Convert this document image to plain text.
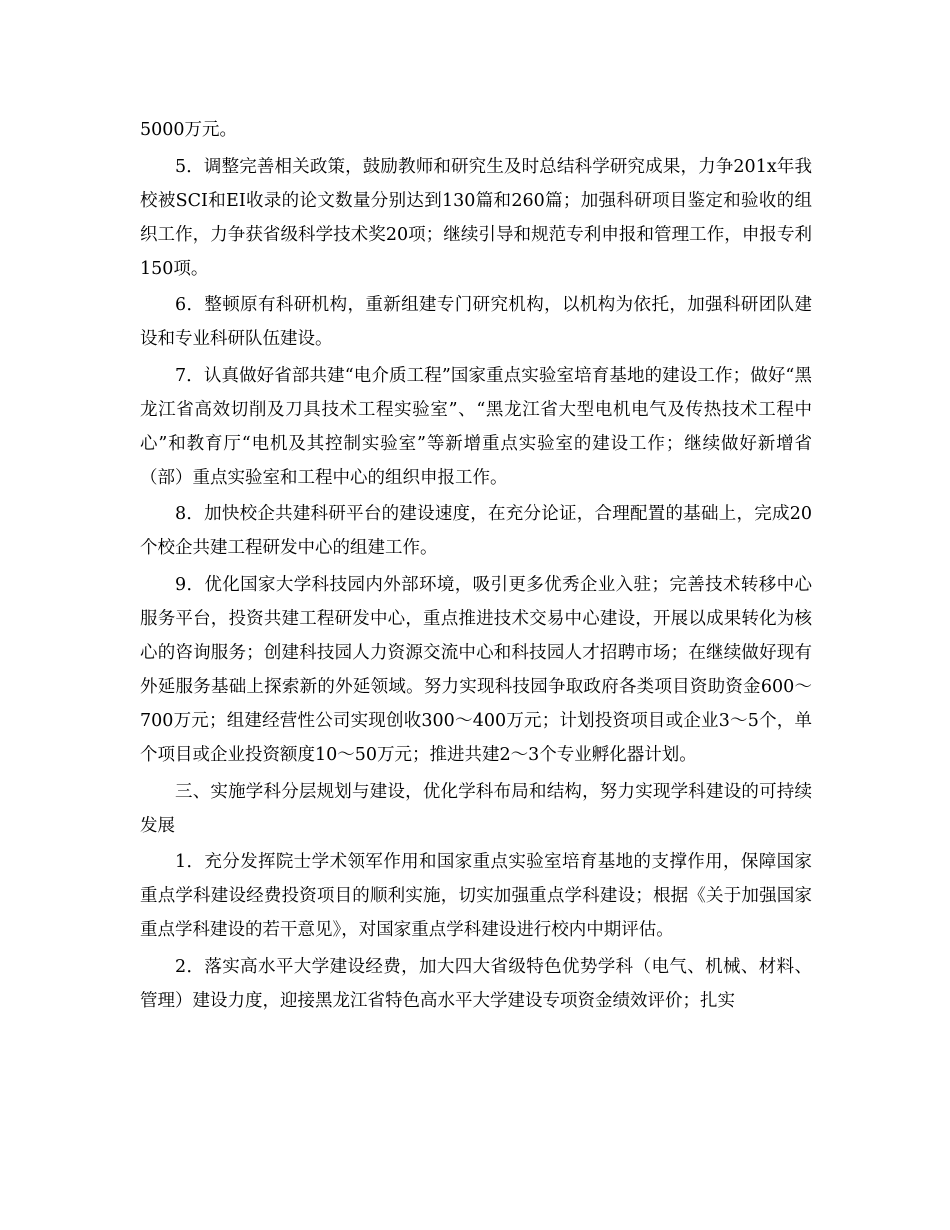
5000万元。

5．调整完善相关政策，鼓励教师和研究生及时总结科学研究成果，力争201x年我校被SCI和EI收录的论文数量分别达到130篇和260篇；加强科研项目鉴定和验收的组织工作，力争获省级科学技术奖20项；继续引导和规范专利申报和管理工作，申报专利150项。

6．整顿原有科研机构，重新组建专门研究机构，以机构为依托，加强科研团队建设和专业科研队伍建设。

7．认真做好省部共建“电介质工程”国家重点实验室培育基地的建设工作；做好“黑龙江省高效切削及刀具技术工程实验室”、“黑龙江省大型电机电气及传热技术工程中心”和教育厅“电机及其控制实验室”等新增重点实验室的建设工作；继续做好新增省（部）重点实验室和工程中心的组织申报工作。

8．加快校企共建科研平台的建设速度，在充分论证，合理配置的基础上，完成20个校企共建工程研发中心的组建工作。

9．优化国家大学科技园内外部环境，吸引更多优秀企业入驻；完善技术转移中心服务平台，投资共建工程研发中心，重点推进技术交易中心建设，开展以成果转化为核心的咨询服务；创建科技园人力资源交流中心和科技园人才招聘市场；在继续做好现有外延服务基础上探索新的外延领域。努力实现科技园争取政府各类项目资助资金600～700万元；组建经营性公司实现创收300～400万元；计划投资项目或企业3～5个，单个项目或企业投资额度10～50万元；推进共建2～3个专业孵化器计划。

三、实施学科分层规划与建设，优化学科布局和结构，努力实现学科建设的可持续发展

1．充分发挥院士学术领军作用和国家重点实验室培育基地的支撑作用，保障国家重点学科建设经费投资项目的顺利实施，切实加强重点学科建设；根据《关于加强国家重点学科建设的若干意见》，对国家重点学科建设进行校内中期评估。

2．落实高水平大学建设经费，加大四大省级特色优势学科（电气、机械、材料、管理）建设力度，迎接黑龙江省特色高水平大学建设专项资金绩效评价；扎实
